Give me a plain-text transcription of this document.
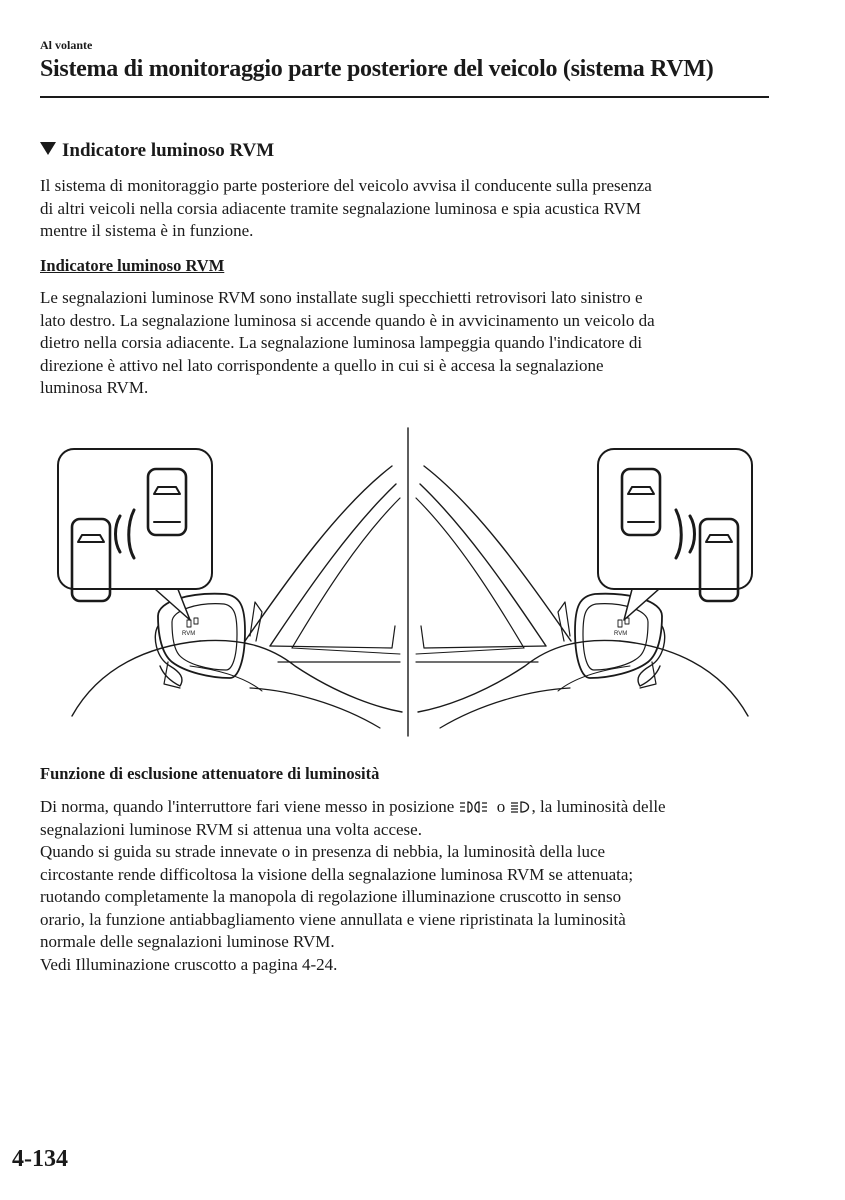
Al volante
Sistema di monitoraggio parte posteriore del veicolo (sistema RVM)
Indicatore luminoso RVM
Il sistema di monitoraggio parte posteriore del veicolo avvisa il conducente sulla presenza
di altri veicoli nella corsia adiacente tramite segnalazione luminosa e spia acustica RVM
mentre il sistema è in funzione.
Indicatore luminoso RVM
Le segnalazioni luminose RVM sono installate sugli specchietti retrovisori lato sinistro e
lato destro. La segnalazione luminosa si accende quando è in avvicinamento un veicolo da
dietro nella corsia adiacente. La segnalazione luminosa lampeggia quando l'indicatore di
direzione è attivo nel lato corrispondente a quello in cui si è accesa la segnalazione
luminosa RVM.
RVM	RVM
Funzione di esclusione attenuatore di luminosità
Di norma, quando l'interruttore fari viene messo in posizione	o , la luminosità delle
segnalazioni luminose RVM si attenua una volta accese.
Quando si guida su strade innevate o in presenza di nebbia, la luminosità della luce
circostante rende difficoltosa la visione della segnalazione luminosa RVM se attenuata;
ruotando completamente la manopola di regolazione illuminazione cruscotto in senso
orario, la funzione antiabbagliamento viene annullata e viene ripristinata la luminosità
normale delle segnalazioni luminose RVM.
Vedi Illuminazione cruscotto a pagina 4-24.
4-134
